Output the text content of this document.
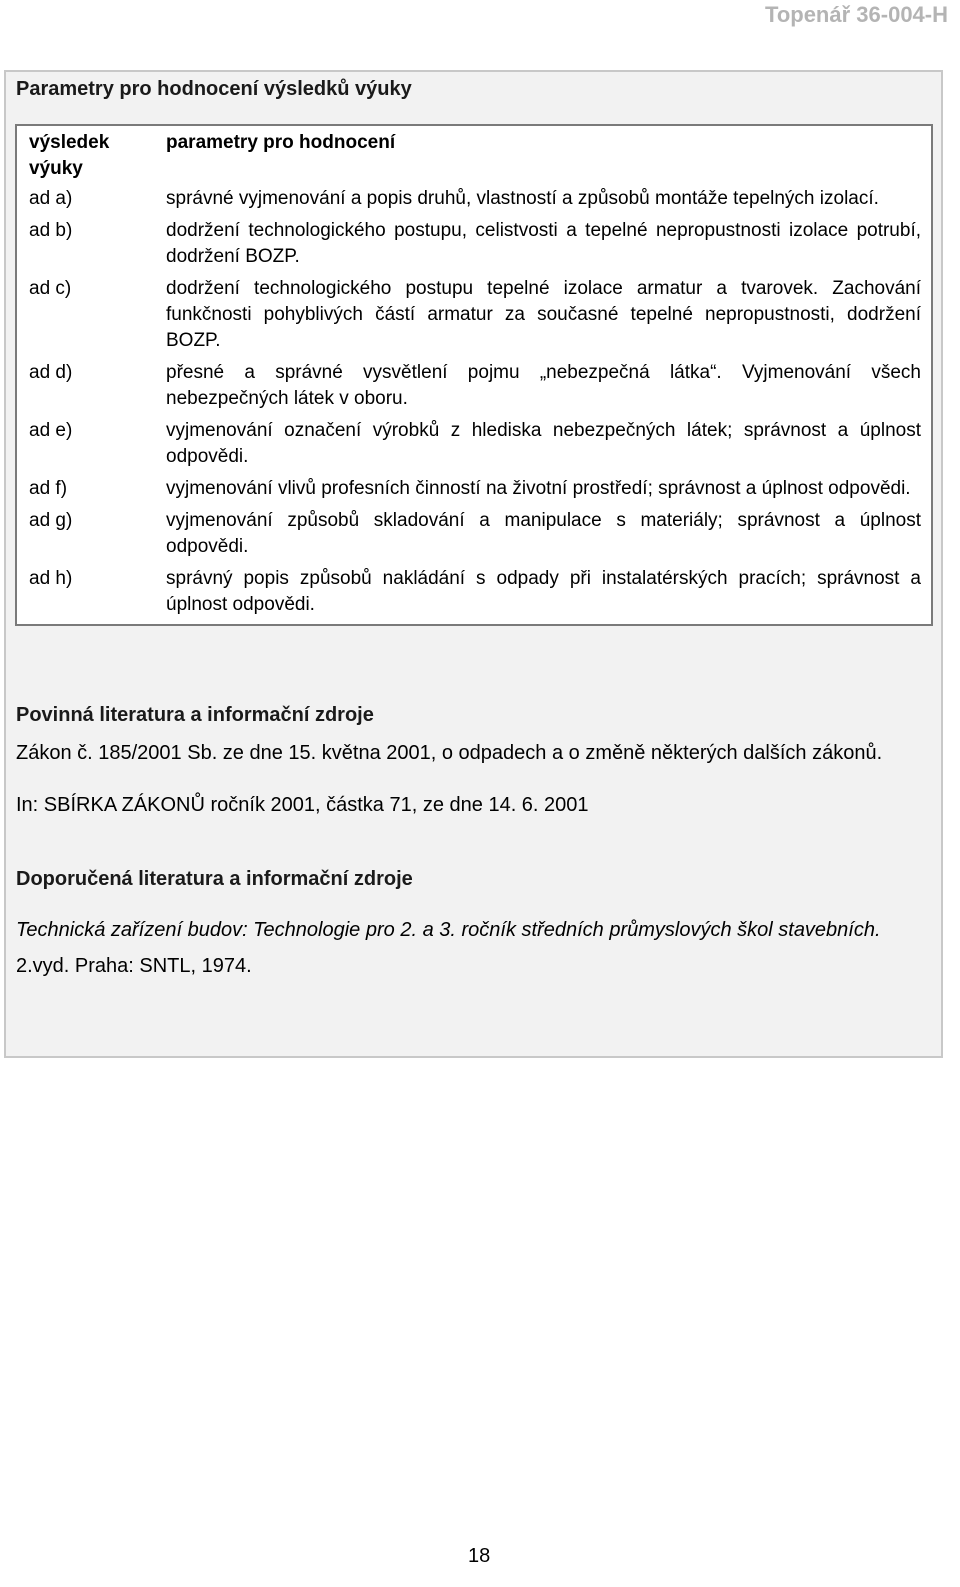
Topenář 36-004-H
Parametry pro hodnocení výsledků výuky
výsledek výuky	parametry pro hodnocení
ad a)	správné vyjmenování a popis druhů, vlastností a způsobů montáže tepelných izolací.
ad b)	dodržení technologického postupu, celistvosti a tepelné nepropustnosti izolace potrubí, dodržení BOZP.
ad c)	dodržení technologického postupu tepelné izolace armatur a tvarovek. Zachování funkčnosti pohyblivých částí armatur za současné tepelné nepropustnosti, dodržení BOZP.
ad d)	přesné a správné vysvětlení pojmu „nebezpečná látka“. Vyjmenování všech nebezpečných látek v oboru.
ad e)	vyjmenování označení výrobků z hlediska nebezpečných látek; správnost a úplnost odpovědi.
ad f)	vyjmenování vlivů profesních činností na životní prostředí; správnost a úplnost odpovědi.
ad g)	vyjmenování způsobů skladování a manipulace s materiály; správnost a úplnost odpovědi.
ad h)	správný popis způsobů nakládání s odpady při instalatérských pracích; správnost a úplnost odpovědi.
Povinná literatura a informační zdroje
Zákon č. 185/2001 Sb. ze dne 15. května 2001, o odpadech a o změně některých dalších zákonů.
In: SBÍRKA ZÁKONŮ ročník 2001, částka 71, ze dne 14. 6. 2001
Doporučená literatura a informační zdroje
Technická zařízení budov: Technologie pro 2. a 3. ročník středních průmyslových škol stavebních. 2.vyd. Praha: SNTL, 1974.
18
